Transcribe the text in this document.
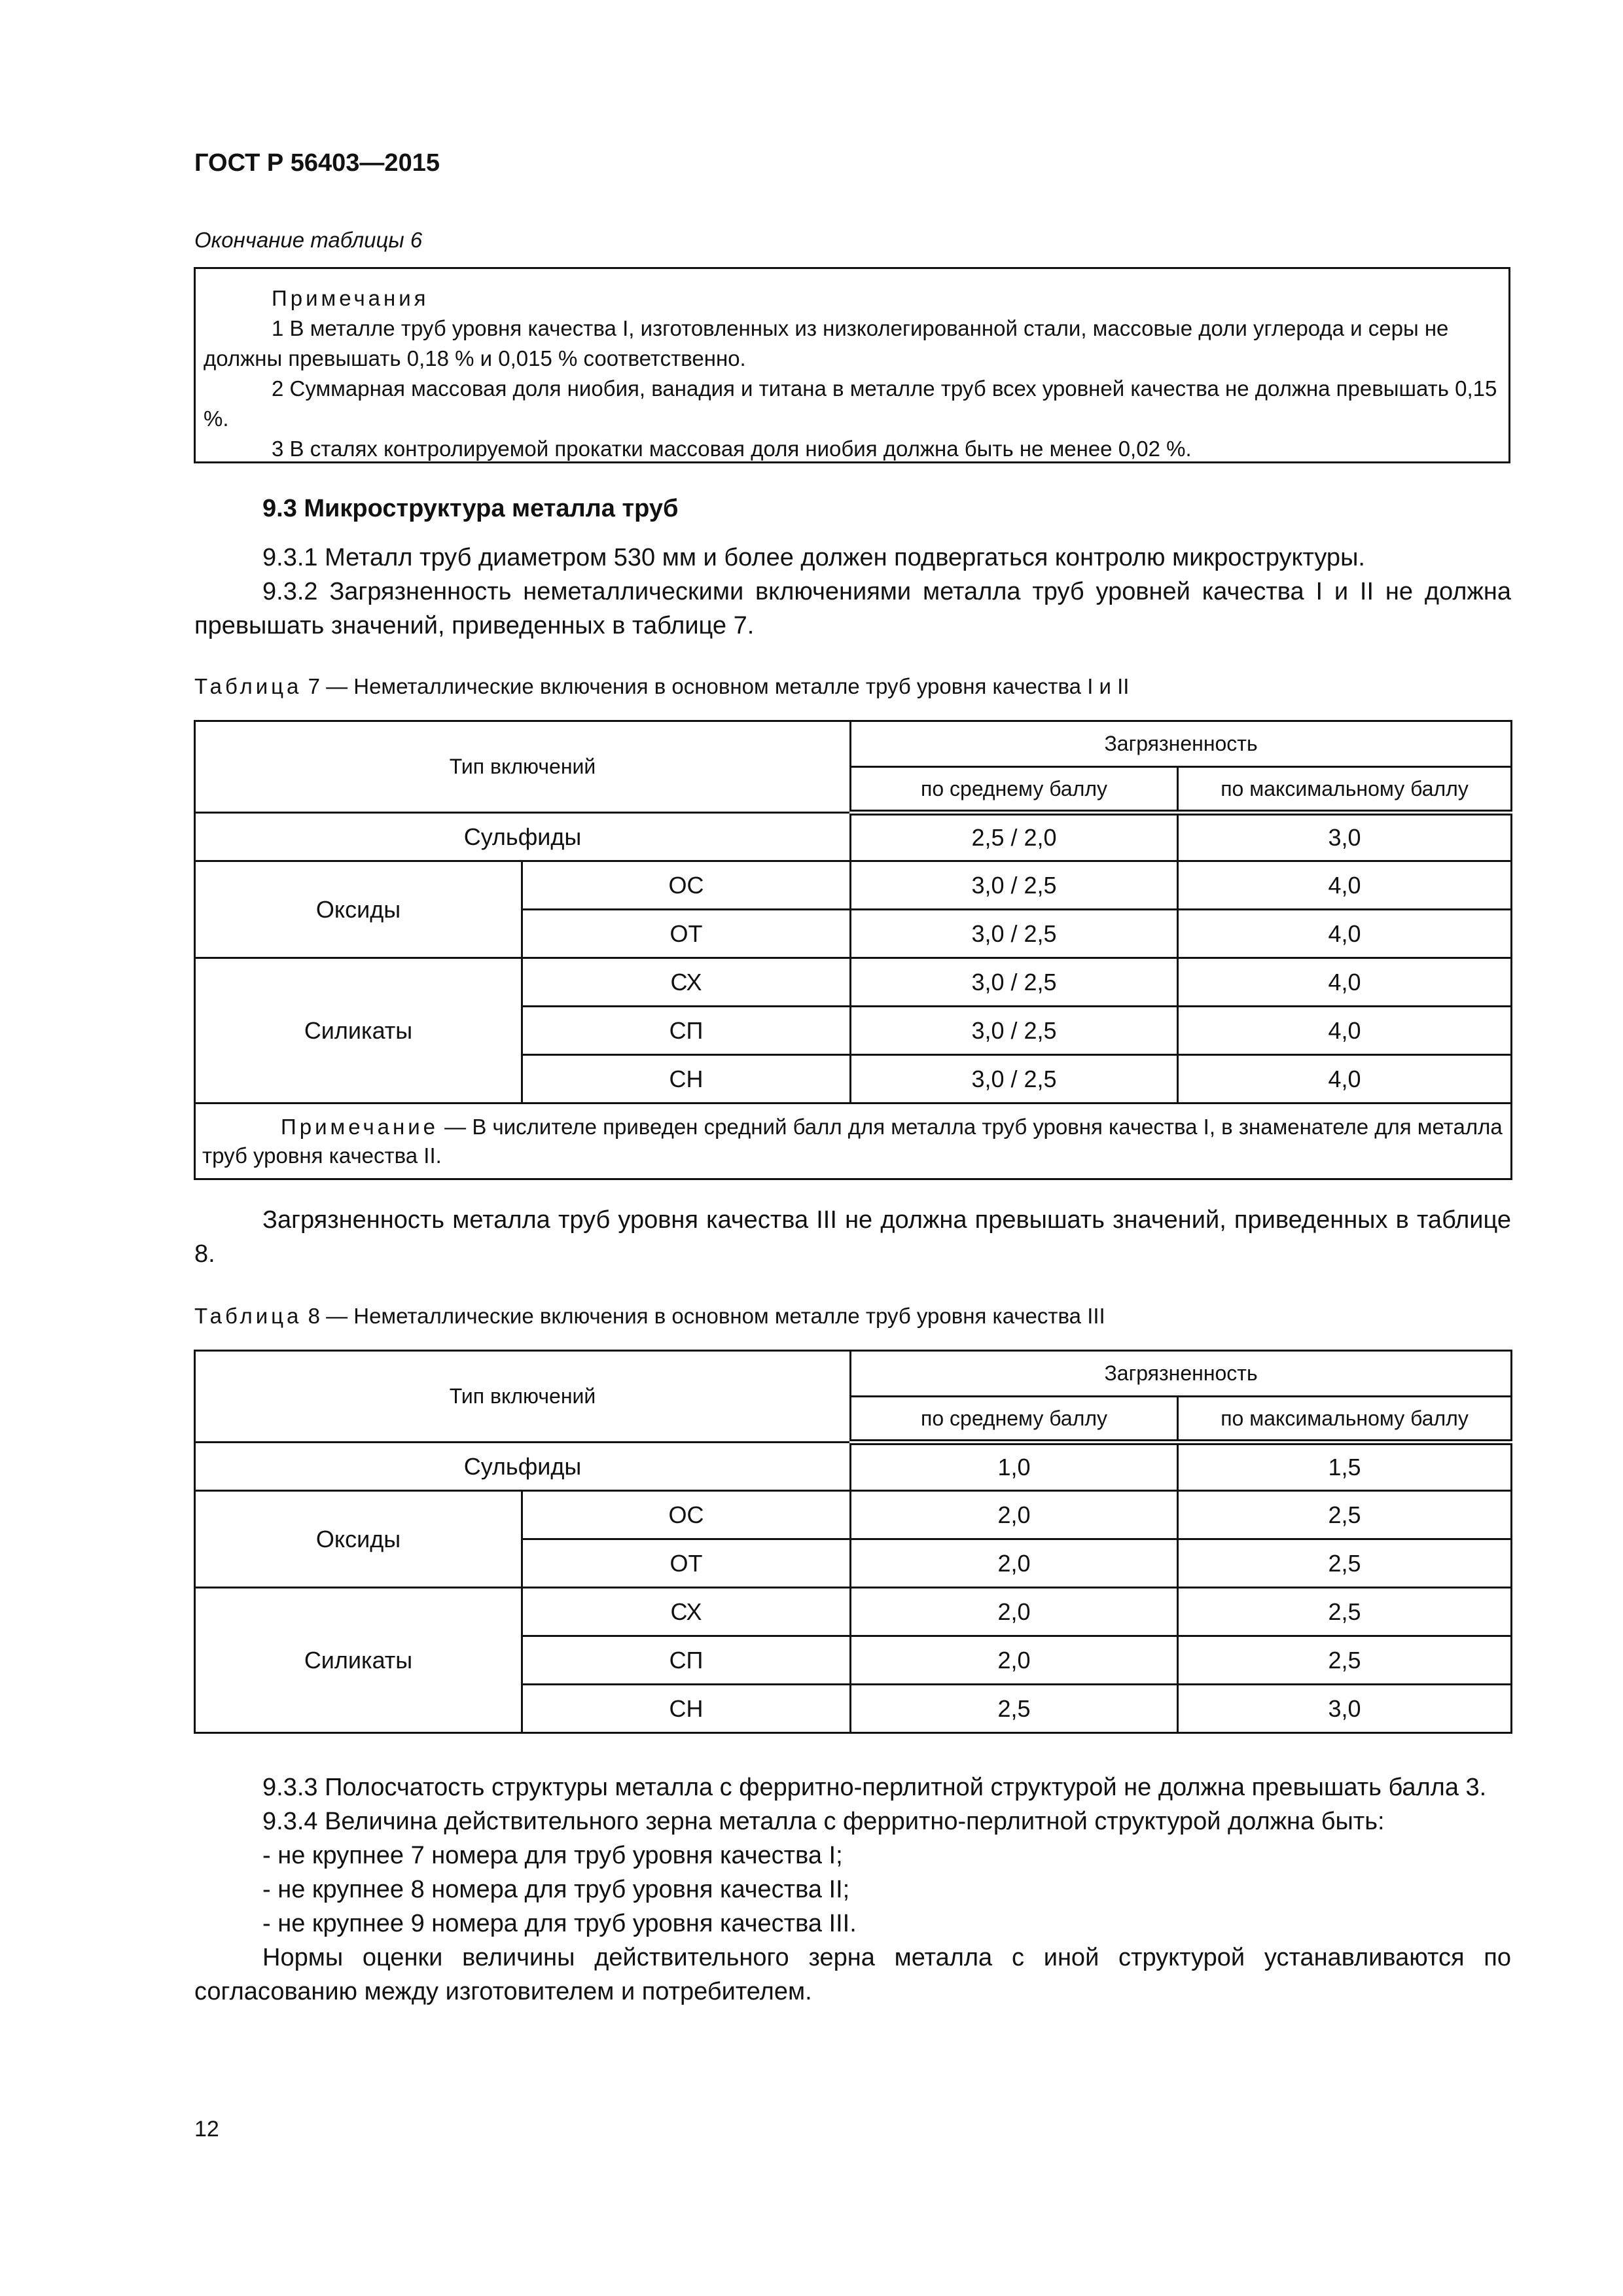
ГОСТ Р 56403—2015
Окончание таблицы 6

Примечания

1 В металле труб уровня качества I, изготовленных из низколегированной стали, массовые доли углерода и серы не должны превышать 0,18 % и 0,015 % соответственно.

2 Суммарная массовая доля ниобия, ванадия и титана в металле труб всех уровней качества не должна превышать 0,15 %.

3 В сталях контролируемой прокатки массовая доля ниобия должна быть не менее 0,02 %.

9.3 Микроструктура металла труб

9.3.1 Металл труб диаметром 530 мм и более должен подвергаться контролю микроструктуры.

9.3.2 Загрязненность неметаллическими включениями металла труб уровней качества I и II не должна превышать значений, приведенных в таблице 7.

Таблица 7 — Неметаллические включения в основном металле труб уровня качества I и II
Тип включений		Загрязненность	
		по среднему баллу	по максимальному баллу
Сульфиды		2,5 / 2,0	3,0
Оксиды	ОС	3,0 / 2,5	4,0
	ОТ	3,0 / 2,5	4,0
Силикаты	СХ	3,0 / 2,5	4,0
	СП	3,0 / 2,5	4,0
	СН	3,0 / 2,5	4,0
Примечание — В числителе приведен средний балл для металла труб уровня качества I, в знаменателе для металла труб уровня качества II.			

Загрязненность металла труб уровня качества III не должна превышать значений, приведенных в таблице 8.

Таблица 8 — Неметаллические включения в основном металле труб уровня качества III
Тип включений		Загрязненность	
		по среднему баллу	по максимальному баллу
Сульфиды		1,0	1,5
Оксиды	ОС	2,0	2,5
	ОТ	2,0	2,5
Силикаты	СХ	2,0	2,5
	СП	2,0	2,5
	СН	2,5	3,0

9.3.3 Полосчатость структуры металла с ферритно-перлитной структурой не должна превышать балла 3.

9.3.4 Величина действительного зерна металла с ферритно-перлитной структурой должна быть:

- не крупнее 7 номера для труб уровня качества I;

- не крупнее 8 номера для труб уровня качества II;

- не крупнее 9 номера для труб уровня качества III.

Нормы оценки величины действительного зерна металла с иной структурой устанавливаются по согласованию между изготовителем и потребителем.

12
